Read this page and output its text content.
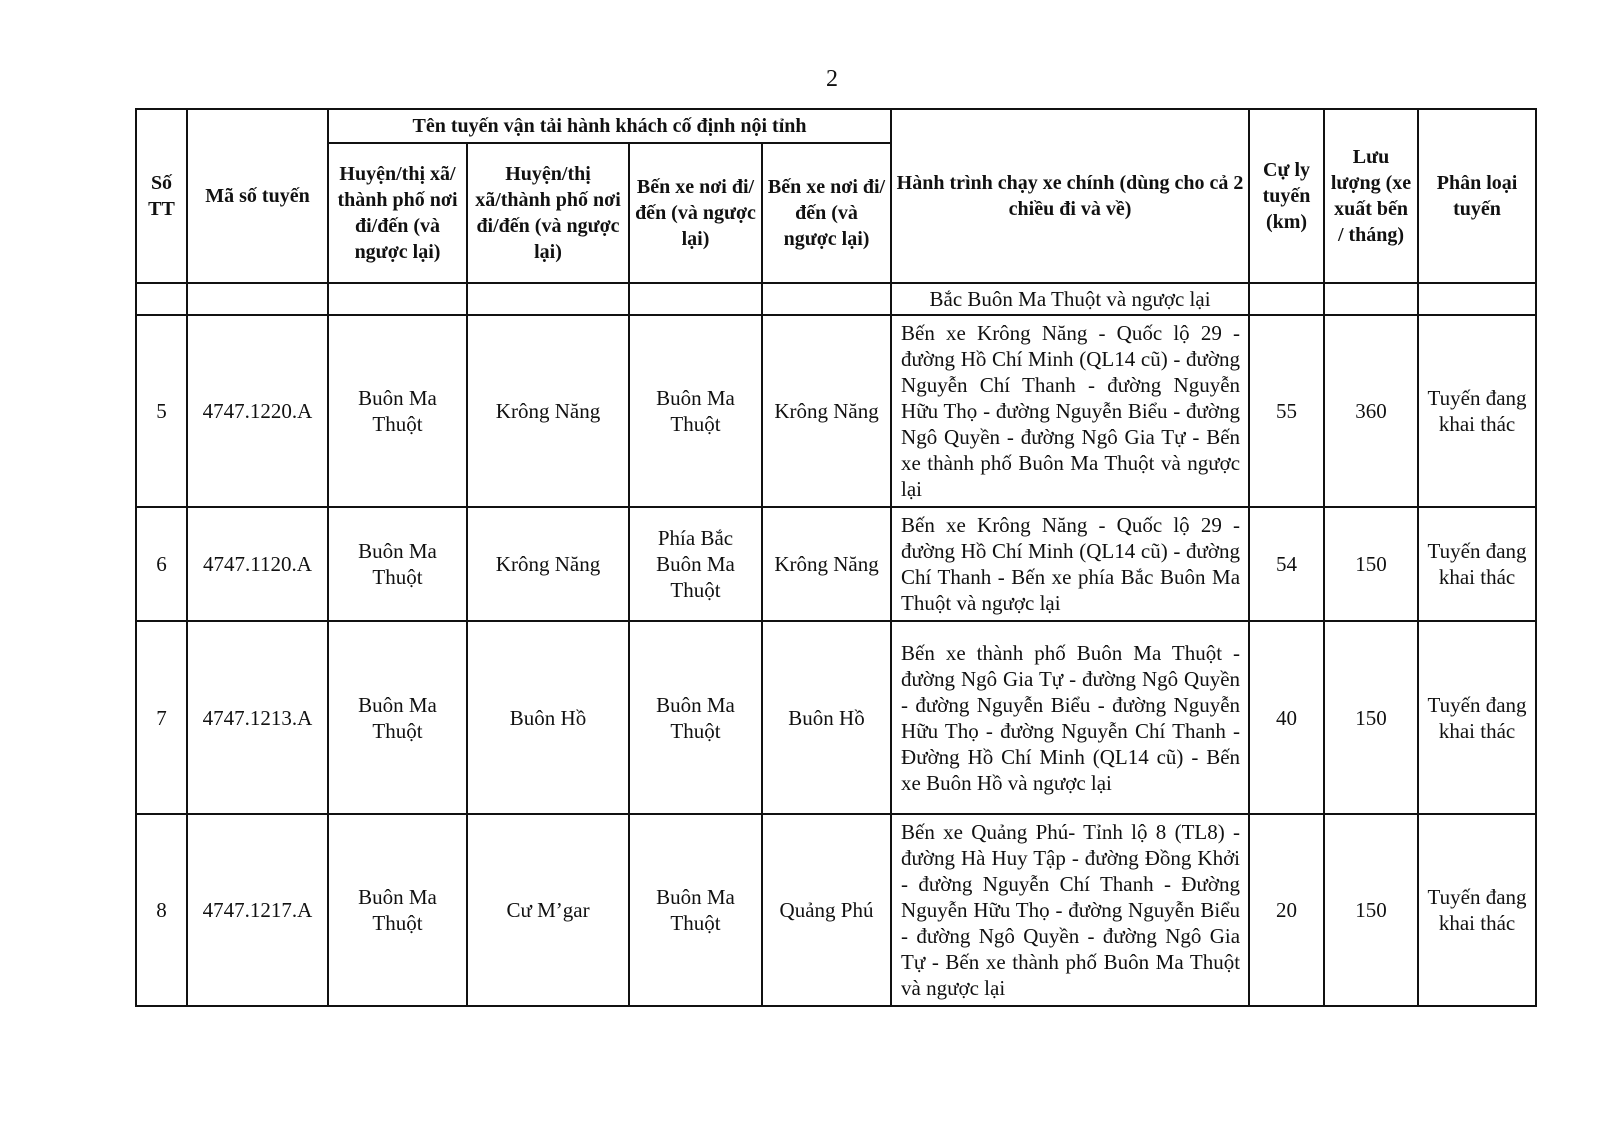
2
Số TT	Mã số tuyến	Tên tuyến vận tải hành khách cố định nội tỉnh				Hành trình chạy xe chính (dùng cho cả 2 chiều đi và về)	Cự ly tuyến (km)	Lưu lượng (xe xuất bến / tháng)	Phân loại tuyến
		Huyện/thị xã/ thành phố nơi đi/đến (và ngược lại)	Huyện/thị xã/thành phố nơi đi/đến (và ngược lại)	Bến xe nơi đi/đến (và ngược lại)	Bến xe nơi đi/đến (và ngược lại)				
						Bắc Buôn Ma Thuột và ngược lại			
5	4747.1220.A	Buôn Ma Thuột	Krông Năng	Buôn Ma Thuột	Krông Năng	Bến xe Krông Năng - Quốc lộ 29 - đường Hồ Chí Minh (QL14 cũ) - đường Nguyễn Chí Thanh - đường Nguyễn Hữu Thọ - đường Nguyễn Biểu - đường Ngô Quyền - đường Ngô Gia Tự - Bến xe thành phố Buôn Ma Thuột và ngược lại	55	360	Tuyến đang khai thác
6	4747.1120.A	Buôn Ma Thuột	Krông Năng	Phía Bắc Buôn Ma Thuột	Krông Năng	Bến xe Krông Năng - Quốc lộ 29 - đường Hồ Chí Minh (QL14 cũ) - đường Chí Thanh - Bến xe phía Bắc Buôn Ma Thuột và ngược lại	54	150	Tuyến đang khai thác
7	4747.1213.A	Buôn Ma Thuột	Buôn Hồ	Buôn Ma Thuột	Buôn Hồ	Bến xe thành phố Buôn Ma Thuột - đường Ngô Gia Tự - đường Ngô Quyền - đường Nguyễn Biểu - đường Nguyễn Hữu Thọ - đường Nguyễn Chí Thanh - Đường Hồ Chí Minh (QL14 cũ) - Bến xe Buôn Hồ và ngược lại	40	150	Tuyến đang khai thác
8	4747.1217.A	Buôn Ma Thuột	Cư M’gar	Buôn Ma Thuột	Quảng Phú	Bến xe Quảng Phú- Tỉnh lộ 8 (TL8) - đường Hà Huy Tập - đường Đồng Khởi - đường Nguyễn Chí Thanh - Đường Nguyễn Hữu Thọ - đường Nguyễn Biểu - đường Ngô Quyền - đường Ngô Gia Tự - Bến xe thành phố Buôn Ma Thuột và ngược lại	20	150	Tuyến đang khai thác
